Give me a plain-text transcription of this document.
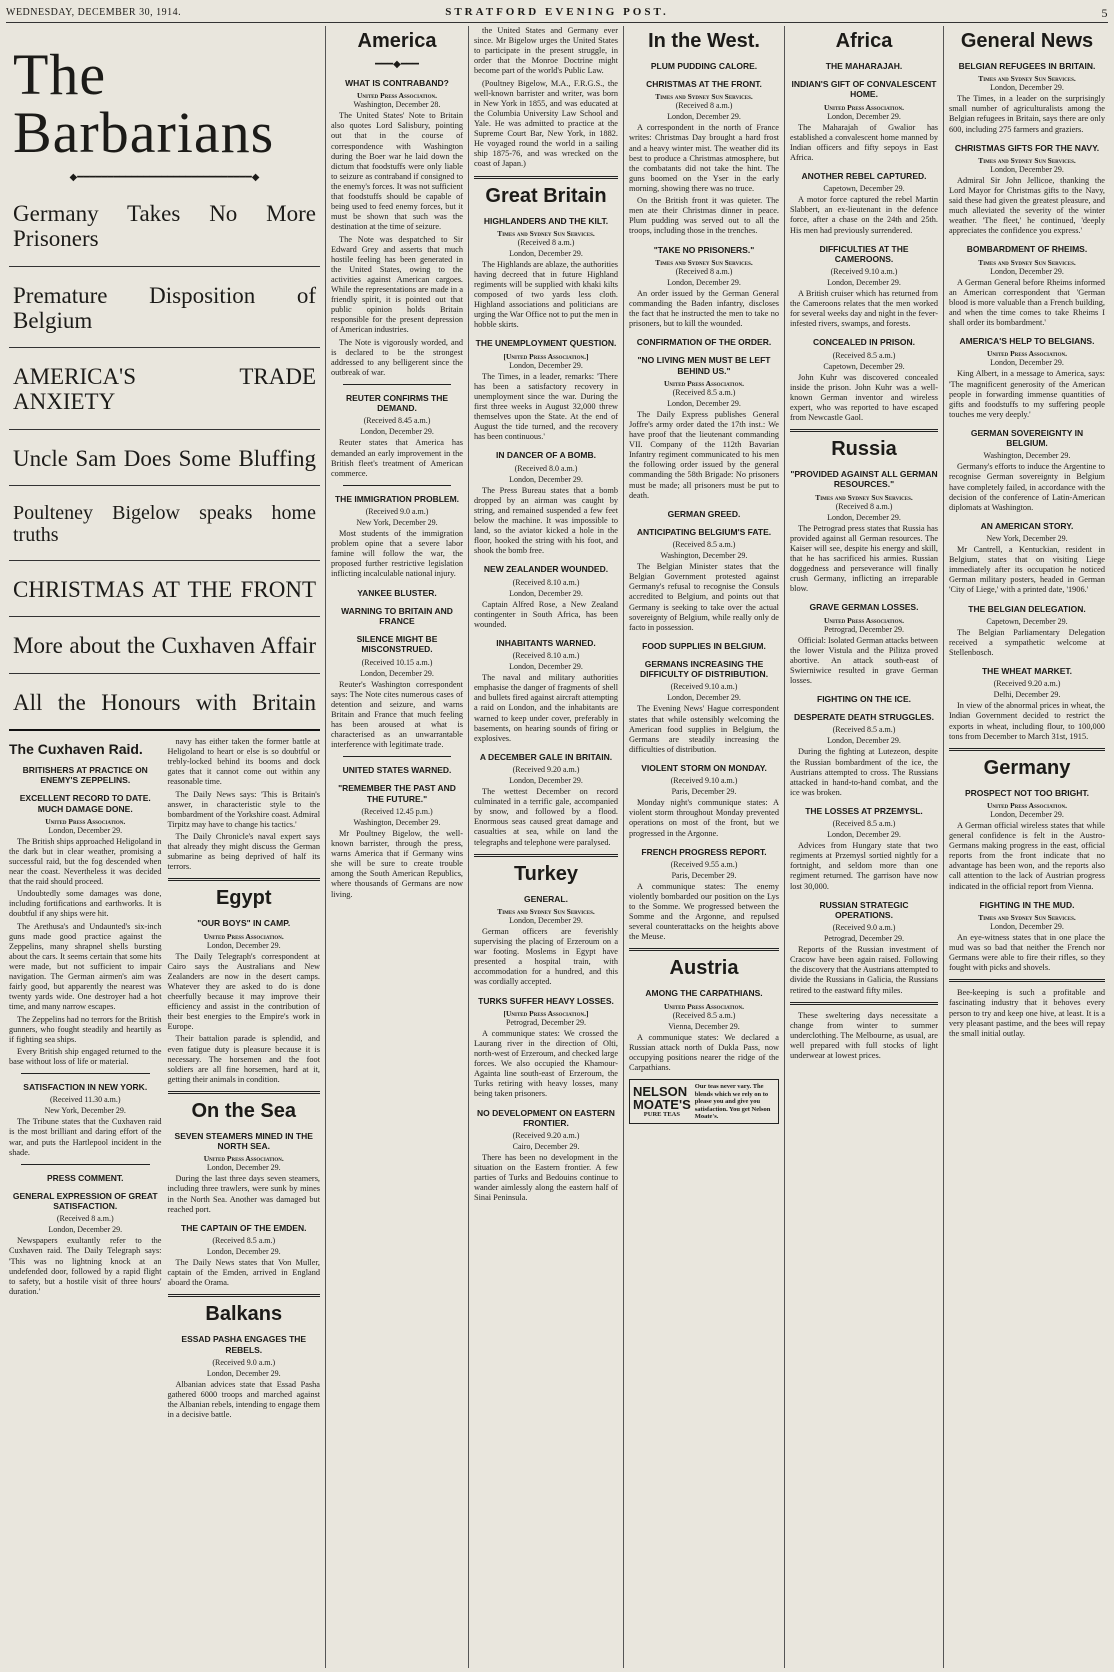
WEDNESDAY, DECEMBER 30, 1914.	STRATFORD EVENING POST.	5
The Barbarians
◆━━━━━━━━━━━━━━━━━━━━━━━━━━━━━◆
Germany Takes No More Prisoners
Premature Disposition of Belgium
AMERICA'S TRADE ANXIETY
Uncle Sam Does Some Bluffing
Poulteney Bigelow speaks home truths
CHRISTMAS AT THE FRONT
More about the Cuxhaven Affair
All the Honours with Britain
The Cuxhaven Raid.
BRITISHERS AT PRACTICE ON ENEMY'S ZEPPELINS.
EXCELLENT RECORD TO DATE. MUCH DAMAGE DONE.
United Press Association.
London, December 29.

The British ships approached Heligoland in the dark but in clear weather, promising a successful raid, but the fog descended when near the coast. Nevertheless it was decided that the raid should proceed.

Undoubtedly some damages was done, including fortifications and earthworks. It is doubtful if any ships were hit.

The Arethusa's and Undaunted's six-inch guns made good practice against the Zeppelins, many shrapnel shells bursting about the cars. It seems certain that some hits were made, but not sufficient to impair navigation. The German airmen's aim was fairly good, but apparently the nearest was twenty yards wide. One destroyer had a hot time, and many narrow escapes.

The Zeppelins had no terrors for the British gunners, who fought steadily and heartily as if fighting sea ships.

Every British ship engaged returned to the base without loss of life or material.

SATISFACTION IN NEW YORK.
(Received 11.30 a.m.)
New York, December 29.

The Tribune states that the Cuxhaven raid is the most brilliant and daring effort of the war, and puts the Hartlepool incident in the shade.

PRESS COMMENT.
GENERAL EXPRESSION OF GREAT SATISFACTION.
(Received 8 a.m.)
London, December 29.

Newspapers exultantly refer to the Cuxhaven raid. The Daily Telegraph says: 'This was no lightning knock at an undefended door, followed by a rapid flight to safety, but a hostile visit of three hours' duration.'

navy has either taken the former battle at Heligoland to heart or else is so doubtful or trebly-locked behind its booms and dock gates that it cannot come out within any reasonable time.

The Daily News says: 'This is Britain's answer, in characteristic style to the bombardment of the Yorkshire coast. Admiral Tirpitz may have to change his tactics.'

The Daily Chronicle's naval expert says that already they might discuss the German submarine as being deprived of half its terrors.

Egypt
"OUR BOYS" IN CAMP.
United Press Association.
London, December 29.

The Daily Telegraph's correspondent at Cairo says the Australians and New Zealanders are now in the desert camps. Whatever they are asked to do is done cheerfully because it may improve their efficiency and assist in the contribution of their best energies to the Empire's work in Europe.

Their battalion parade is splendid, and even fatigue duty is pleasure because it is necessary. The horsemen and the foot soldiers are all fine horsemen, hard at it, getting their animals in condition.

On the Sea
SEVEN STEAMERS MINED IN THE NORTH SEA.
United Press Association.
London, December 29.

During the last three days seven steamers, including three trawlers, were sunk by mines in the North Sea. Another was damaged but reached port.

THE CAPTAIN OF THE EMDEN.
(Received 8.5 a.m.)
London, December 29.

The Daily News states that Von Muller, captain of the Emden, arrived in England aboard the Orama.

Balkans
ESSAD PASHA ENGAGES THE REBELS.
(Received 9.0 a.m.)
London, December 29.

Albanian advices state that Essad Pasha gathered 6000 troops and marched against the Albanian rebels, intending to engage them in a decisive battle.

America
━━━◆━━━
WHAT IS CONTRABAND?
United Press Association.
Washington, December 28.

The United States' Note to Britain also quotes Lord Salisbury, pointing out that in the course of correspondence with Washington during the Boer war he laid down the dictum that foodstuffs were only liable to seizure as contraband if consigned to the enemy's forces. It was not sufficient that foodstuffs should be capable of being used to feed enemy forces, but it must be shown that such was the destination at the time of seizure.

The Note was despatched to Sir Edward Grey and asserts that much hostile feeling has been generated in the United States, owing to the activities against American cargoes. While the representations are made in a friendly spirit, it is pointed out that public opinion holds Britain responsible for the present depression of American industries.

The Note is vigorously worded, and is declared to be the strongest addressed to any belligerent since the outbreak of war.

REUTER CONFIRMS THE DEMAND.
(Received 8.45 a.m.)
London, December 29.

Reuter states that America has demanded an early improvement in the British fleet's treatment of American commerce.

THE IMMIGRATION PROBLEM.
(Received 9.0 a.m.)
New York, December 29.

Most students of the immigration problem opine that a severe labor famine will follow the war, the proposed further restrictive legislation inflicting incalculable national injury.

YANKEE BLUSTER.
WARNING TO BRITAIN AND FRANCE
SILENCE MIGHT BE MISCONSTRUED.
(Received 10.15 a.m.)
London, December 29.

Reuter's Washington correspondent says: The Note cites numerous cases of detention and seizure, and warns Britain and France that much feeling has been aroused at what is characterised as an unwarrantable interference with legitimate trade.

UNITED STATES WARNED.
"REMEMBER THE PAST AND THE FUTURE."
(Received 12.45 p.m.)
Washington, December 29.

Mr Poultney Bigelow, the well-known barrister, through the press, warns America that if Germany wins she will be sure to create trouble among the South American Republics, where thousands of Germans are now living.

the United States and Germany ever since. Mr Bigelow urges the United States to participate in the present struggle, in order that the Monroe Doctrine might become part of the world's Public Law.

(Poultney Bigelow, M.A., F.R.G.S., the well-known barrister and writer, was born in New York in 1855, and was educated at the Columbia University Law School and Yale. He was admitted to practice at the Supreme Court Bar, New York, in 1882. He voyaged round the world in a sailing ship 1875-76, and was wrecked on the coast of Japan.)

Great Britain
HIGHLANDERS AND THE KILT.
Times and Sydney Sun Services.
(Received 8 a.m.)
London, December 29.

The Highlands are ablaze, the authorities having decreed that in future Highland regiments will be supplied with khaki kilts composed of two yards less cloth. Highland associations and politicians are urging the War Office not to put the men in hobble skirts.

THE UNEMPLOYMENT QUESTION.
[United Press Association.]
London, December 29.

The Times, in a leader, remarks: 'There has been a satisfactory recovery in unemployment since the war. During the first three weeks in August 32,000 threw themselves upon the State. At the end of August the tide turned, and the recovery has been continuous.'

IN DANCER OF A BOMB.
(Received 8.0 a.m.)
London, December 29.

The Press Bureau states that a bomb dropped by an airman was caught by string, and remained suspended a few feet below the machine. It was impossible to land, so the aviator kicked a hole in the floor, hooked the string with his foot, and shook the bomb free.

NEW ZEALANDER WOUNDED.
(Received 8.10 a.m.)
London, December 29.

Captain Alfred Rose, a New Zealand contingenter in South Africa, has been wounded.

INHABITANTS WARNED.
(Received 8.10 a.m.)
London, December 29.

The naval and military authorities emphasise the danger of fragments of shell and bullets fired against aircraft attempting a raid on London, and the inhabitants are warned to keep under cover, preferably in basements, on hearing sounds of firing or explosives.

A DECEMBER GALE IN BRITAIN.
(Received 9.20 a.m.)
London, December 29.

The wettest December on record culminated in a terrific gale, accompanied by snow, and followed by a flood. Enormous seas caused great damage and casualties at sea, while on land the telegraphs and telephone were paralysed.

Turkey
GENERAL.
Times and Sydney Sun Services.
London, December 29.

German officers are feverishly supervising the placing of Erzeroum on a war footing. Moslems in Egypt have presented a hospital train, with accommodation for a hundred, and this was cordially accepted.

TURKS SUFFER HEAVY LOSSES.
[United Press Association.]
Petrograd, December 29.

A communique states: We crossed the Laurang river in the direction of Olti, north-west of Erzeroum, and checked large forces. We also occupied the Khamour-Againta line south-east of Erzeroum, the Turks retiring with heavy losses, many being taken prisoners.

NO DEVELOPMENT ON EASTERN FRONTIER.
(Received 9.20 a.m.)
Cairo, December 29.

There has been no development in the situation on the Eastern frontier. A few parties of Turks and Bedouins continue to wander aimlessly along the eastern half of Sinai Peninsula.

In the West.
PLUM PUDDING CALORE.
CHRISTMAS AT THE FRONT.
Times and Sydney Sun Services.
(Received 8 a.m.)
London, December 29.

A correspondent in the north of France writes: Christmas Day brought a hard frost and a heavy winter mist. The weather did its best to produce a Christmas atmosphere, but the combatants did not take the hint. The guns boomed on the Yser in the early morning, showing there was no truce.

On the British front it was quieter. The men ate their Christmas dinner in peace. Plum pudding was served out to all the troops, including those in the trenches.

"TAKE NO PRISONERS."
Times and Sydney Sun Services.
(Received 8 a.m.)
London, December 29.

An order issued by the German General commanding the Baden infantry, discloses the fact that he instructed the men to take no prisoners, but to kill the wounded.

CONFIRMATION OF THE ORDER.
"NO LIVING MEN MUST BE LEFT BEHIND US."
United Press Association.
(Received 8.5 a.m.)
London, December 29.

The Daily Express publishes General Joffre's army order dated the 17th inst.: We have proof that the lieutenant commanding VII. Company of the 112th Bavarian Infantry regiment communicated to his men the following order issued by the general commanding the 58th Brigade: No prisoners must be made; all prisoners must be put to death.

GERMAN GREED.
ANTICIPATING BELGIUM'S FATE.
(Received 8.5 a.m.)
Washington, December 29.

The Belgian Minister states that the Belgian Government protested against Germany's refusal to recognise the Consuls accredited to Belgium, and points out that Germany is seeking to take over the actual sovereignty of Belgium, while really only de facto in possession.

FOOD SUPPLIES IN BELGIUM.
GERMANS INCREASING THE DIFFICULTY OF DISTRIBUTION.
(Received 9.10 a.m.)
London, December 29.

The Evening News' Hague correspondent states that while ostensibly welcoming the American food supplies in Belgium, the Germans are steadily increasing the difficulties of distribution.

VIOLENT STORM ON MONDAY.
(Received 9.10 a.m.)
Paris, December 29.

Monday night's communique states: A violent storm throughout Monday prevented operations on most of the front, but we progressed in the Argonne.

FRENCH PROGRESS REPORT.
(Received 9.55 a.m.)
Paris, December 29.

A communique states: The enemy violently bombarded our position on the Lys to the Somme. We progressed between the Somme and the Argonne, and repulsed several counterattacks on the heights above the Meuse.

Austria
AMONG THE CARPATHIANS.
United Press Association.
(Received 8.5 a.m.)
Vienna, December 29.

A communique states: We declared a Russian attack north of Dukla Pass, now occupying positions nearer the ridge of the Carpathians.

NELSON
MOATE'S
PURE TEAS
Our teas never vary. The blends which we rely on to please you and give you satisfaction. You get Nelson Moate's.
Africa
THE MAHARAJAH.
INDIAN'S GIFT OF CONVALESCENT HOME.
United Press Association.
London, December 29.

The Maharajah of Gwalior has established a convalescent home manned by Indian officers and fifty sepoys in East Africa.

ANOTHER REBEL CAPTURED.
Capetown, December 29.

A motor force captured the rebel Martin Slabbert, an ex-lieutenant in the defence force, after a chase on the 24th and 25th. His men had previously surrendered.

DIFFICULTIES AT THE CAMEROONS.
(Received 9.10 a.m.)
London, December 29.

A British cruiser which has returned from the Cameroons relates that the men worked for several weeks day and night in the fever-infested rivers, swamps, and forests.

CONCEALED IN PRISON.
(Received 8.5 a.m.)
Capetown, December 29.

John Kuhr was discovered concealed inside the prison. John Kuhr was a well-known German inventor and wireless expert, who was reported to have escaped from Newcastle Gaol.

Russia
"PROVIDED AGAINST ALL GERMAN RESOURCES."
Times and Sydney Sun Services.
(Received 8 a.m.)
London, December 29.

The Petrograd press states that Russia has provided against all German resources. The Kaiser will see, despite his energy and skill, that he has sacrificed his armies. Russian doggedness and perseverance will finally crush Germany, inflicting an irreparable blow.

GRAVE GERMAN LOSSES.
United Press Association.
Petrograd, December 29.

Official: Isolated German attacks between the lower Vistula and the Pilitza proved abortive. An attack south-east of Swierniwice resulted in grave German losses.

FIGHTING ON THE ICE.
DESPERATE DEATH STRUGGLES.
(Received 8.5 a.m.)
London, December 29.

During the fighting at Lutezeon, despite the Russian bombardment of the ice, the Austrians attempted to cross. The Russians attacked in hand-to-hand combat, and the ice was broken.

THE LOSSES AT PRZEMYSL.
(Received 8.5 a.m.)
London, December 29.

Advices from Hungary state that two regiments at Przemysl sortied nightly for a fortnight, and seldom more than one regiment returned. The garrison have now lost 30,000.

RUSSIAN STRATEGIC OPERATIONS.
(Received 9.0 a.m.)
Petrograd, December 29.

Reports of the Russian investment of Cracow have been again raised. Following the discovery that the Austrians attempted to divide the Russians in Galicia, the Russians retired to the eastward fifty miles.

These sweltering days necessitate a change from winter to summer underclothing. The Melbourne, as usual, are well prepared with full stocks of light underwear at lowest prices.

General News
BELGIAN REFUGEES IN BRITAIN.
Times and Sydney Sun Services.
London, December 29.

The Times, in a leader on the surprisingly small number of agriculturalists among the Belgian refugees in Britain, says there are only 600, including 275 farmers and graziers.

CHRISTMAS GIFTS FOR THE NAVY.
Times and Sydney Sun Services.
London, December 29.

Admiral Sir John Jellicoe, thanking the Lord Mayor for Christmas gifts to the Navy, said these had given the greatest pleasure, and much alleviated the severity of the winter weather. 'The fleet,' he continued, 'deeply appreciates the confidence you express.'

BOMBARDMENT OF RHEIMS.
Times and Sydney Sun Services.
London, December 29.

A German General before Rheims informed an American correspondent that 'German blood is more valuable than a French building, and when the time comes to take Rheims I shall order its bombardment.'

AMERICA'S HELP TO BELGIANS.
United Press Association.
London, December 29.

King Albert, in a message to America, says: 'The magnificent generosity of the American people in forwarding immense quantities of gifts and foodstuffs to my suffering people touches me very deeply.'

GERMAN SOVEREIGNTY IN BELGIUM.
Washington, December 29.

Germany's efforts to induce the Argentine to recognise German sovereignty in Belgium have completely failed, in accordance with the decision of the conference of Latin-American diplomats at Washington.

AN AMERICAN STORY.
New York, December 29.

Mr Cantrell, a Kentuckian, resident in Belgium, states that on visiting Liege immediately after its occupation he noticed German military posters, headed in German 'City of Liege,' with a printed date, '1906.'

THE BELGIAN DELEGATION.
Capetown, December 29.

The Belgian Parliamentary Delegation received a sympathetic welcome at Stellenbosch.

THE WHEAT MARKET.
(Received 9.20 a.m.)
Delhi, December 29.

In view of the abnormal prices in wheat, the Indian Government decided to restrict the exports in wheat, including flour, to 100,000 tons from December to March 31st, 1915.

Germany
PROSPECT NOT TOO BRIGHT.
United Press Association.
London, December 29.

A German official wireless states that while general confidence is felt in the Austro-Germans making progress in the east, official reports from the front indicate that no advantage has been won, and the reports also call attention to the lack of Austrian progress indicated in the official report from Vienna.

FIGHTING IN THE MUD.
Times and Sydney Sun Services.
London, December 29.

An eye-witness states that in one place the mud was so bad that neither the French nor Germans were able to fire their rifles, so they fought with picks and shovels.

Bee-keeping is such a profitable and fascinating industry that it behoves every person to try and keep one hive, at least. It is a very pleasant pastime, and the bees will repay the small initial outlay.
